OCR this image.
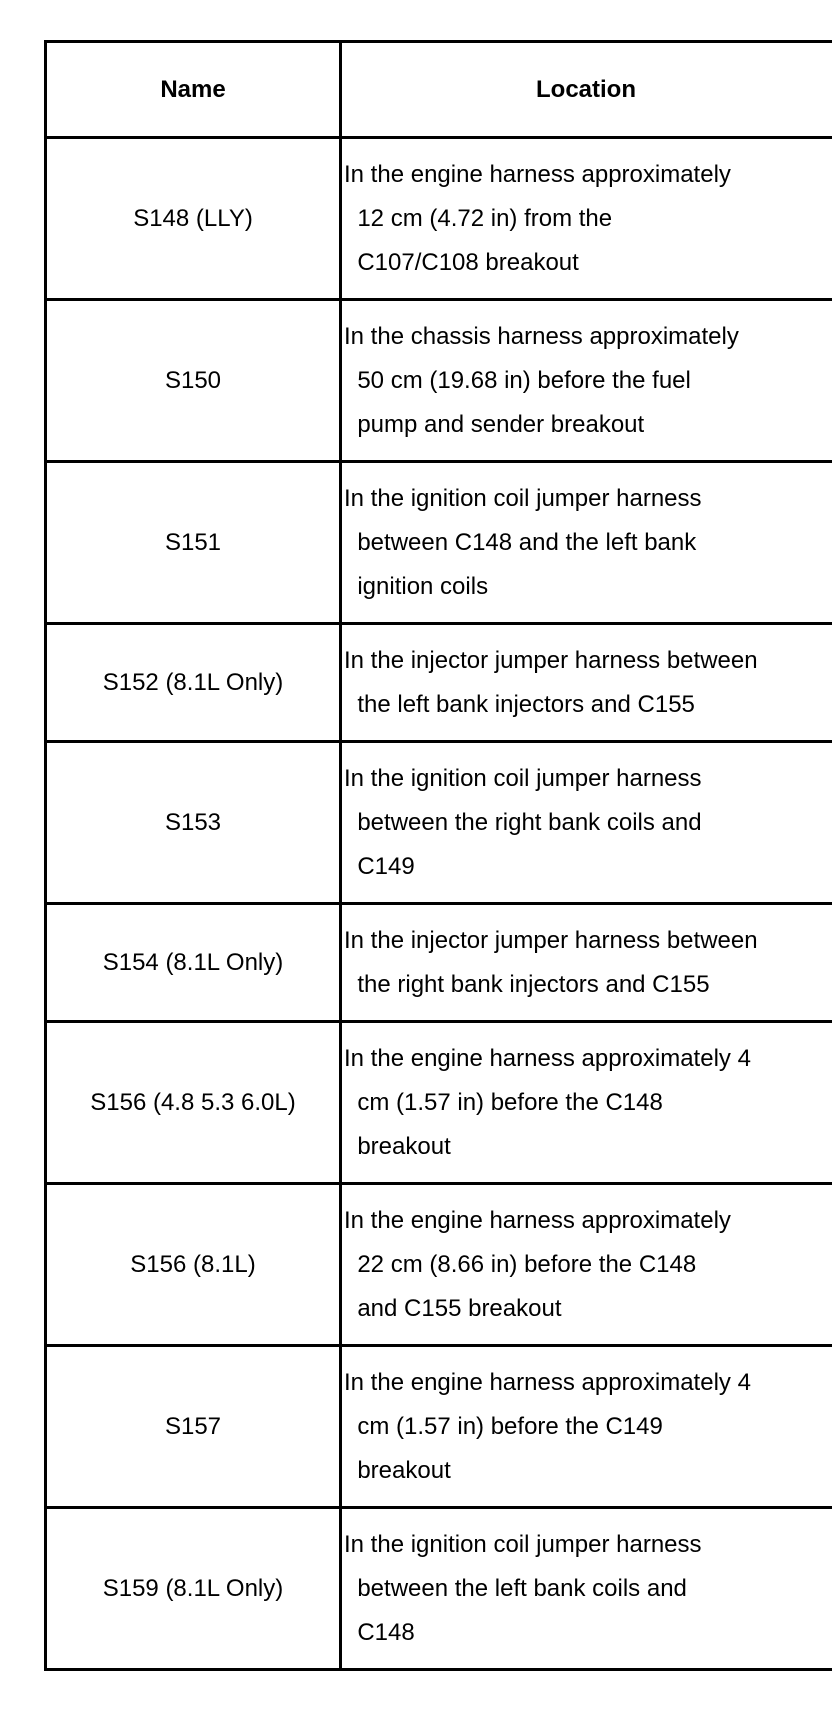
Name	Location
S148 (LLY)
In the engine harness approximately
12 cm (4.72 in) from the
C107/C108 breakout
S150
In the chassis harness approximately
50 cm (19.68 in) before the fuel
pump and sender breakout
S151
In the ignition coil jumper harness
between C148 and the left bank
ignition coils
S152 (8.1L Only)
In the injector jumper harness between
the left bank injectors and C155
S153
In the ignition coil jumper harness
between the right bank coils and
C149
S154 (8.1L Only)
In the injector jumper harness between
the right bank injectors and C155
S156 (4.8 5.3 6.0L)
In the engine harness approximately 4
cm (1.57 in) before the C148
breakout
S156 (8.1L)
In the engine harness approximately
22 cm (8.66 in) before the C148
and C155 breakout
S157
In the engine harness approximately 4
cm (1.57 in) before the C149
breakout
S159 (8.1L Only)
In the ignition coil jumper harness
between the left bank coils and
C148
